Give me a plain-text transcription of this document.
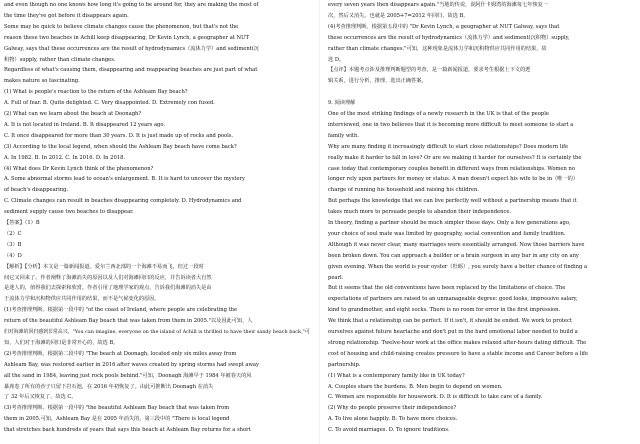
and even though no one knows how long it's going to be around for, they are making the most of
the time they've got before it disappears again.
Some may be quick to believe climate changes cause the phenomenon, but that's not the
reason these two beaches in Achill keep disappearing, Dr Kevin Lynch, a geographer at NUT
Galway, says that these occurrences are the result of hydrodynamics（流体力学）and sediment(沉
积物）supply, rather than climate changes.
Regardless of what's causing them, disappearing and reappearing beaches are just part of what
makes nature so fascinating.
(1) What is people's reaction to the return of the Ashleam Bay beach?
A. Full of fear. B. Quite delighted. C. Very disappointed. D. Extremely con fused.
(2) What can we learn about the beach at Doonagh?
A. It is not located in Ireland. B. It disappeared 12 years ago.
C. It once disappeared for more than 30 years. D. It is just made up of rocks and pools.
(3) According to the local legend, when should the Ashleam Bay beach have come back?
A. In 1982. B. In 2012. C. In 2016. D. In 2018.
(4) What does Dr Kevin Lynch think of the phenomenon?
A. Some abnormal storms lead to ocean's enlargement. B. It is hard to uncover the mystery
of beach's disappearing.
C. Climate changes can result in beaches disappearing completely. D. Hydrodynamics and
sediment supply cause two beaches to disappear.
【答案】（1）B
（2）C
（3）B
（4）D
【解析】【分析】本文是一篇新闻报道。爱尔兰西北部的一个海滩不易而飞，但过一段时
间它又回来了。作者阐释了海滩消失的原因以及人们对海滩回归的反应，并告诉读者大自然
是迷人的，值得我们去探索和欣赏。作者引用了地理学家的观点，告诉我们海滩的消失是由
于流体力学和沉积物供应共同作用的结果，而不是气候变化的原因。
(1)考查推理判断。根据第一段中的 "of the coast of Ireland, where people are celebrating the
return of the beautiful Ashleam Bay beach that was taken from them in 2005."以及因此可知，人
们对海滩的回归感到非常高兴。"You can imagine, everyone on the island of Achill is thrilled to have their sandy beach back,"可
知，人们对于海滩的回归是非常开心的，故选 B。
(2)考查推理判断。根据第二段中的 "The beach at Doonagh, located only six miles away from
Ashleam Bay, was restored earlier in 2016 after waves created by spring storms had swept away
all the sand in 1984, leaving just rock pools behind."可知，Doonagh 海滩早于 1984 年被春天的风
暴席卷了所有的沙子只留下岩石池，在 2016 年初恢复了。由此可推断出 Doonagh 在消失
了 32 年后又恢复了，故选 C。
(3)考查推理判断。根据第一段中的 "the beautiful Ashleam Bay beach that was taken from
them in 2005.可知，Ashleam Bay 是在 2005 年消失的，第三段中的 "There is local legend
that stretches back hundreds of years that says this beach at Ashleam Bay returns for a short
every seven years then disappears again."当地的传说，说阿什卡姆湾的海滩每七年恢复一
次，然后又消失。也就是 2005+7=2012 年回归，故选 B。
(4)考查推理判断。根据第五段中的 "Dr Kevin Lynch, a geographer at NUT Galway, says that
these occurrences are the result of hydrodynamics（流体力学）and sediment(沉积物）supply,
rather than climate changes."可知，这种现象是流体力学和沉积物供应共同作用的结果，故
选 D。
【点评】本题考点涉及推理判断题型的考查，是一篇新闻报道，要求考生根据上下文的逻
辑关系，进行分析，推理，选出正确答案。
9. 阅读理解
One of the most striking findings of a newly research in the UK is that of the people
interviewed, one in two believes that it is becoming more difficult to meet someone to start a
family with.
Why are many finding it increasingly difficult to start close relationships? Does modern life
really make it harder to fall in love? Or are we making it harder for ourselves? It is certainly the
case today that contemporary couples benefit in different ways from relationships. Women no
longer rely upon partners for money or status. A man doesn't expect his wife to be in（唯一的）
charge of running his household and raising his children.
But perhaps the knowledge that we can live perfectly well without a partnership means that it
takes much more to persuade people to abandon their independence.
In theory, finding a partner should be much simpler these days. Only a few generations ago,
your choice of soul mate was limited by geography, social convention and family tradition.
Although it was never clear, many marriages were essentially arranged. Now those barriers have
been broken down. You can approach a builder or a brain surgeon in any bar in any city on any
given evening. When the world is your oyster（牡蛎）, you surely have a better chance of finding a
pearl.
But it seems that the old conventions have been replaced by the limitations of choice. The
expectations of partners are raised to an unmanageable degree: good looks, impressive salary,
kind to grandmother, and eight socks. There is no room for error in the first impression.
We think that a relationship can be perfect. If it isn't, it should be ended. We work to protect
ourselves against future heartache and don't put in the hard emotional labor needed to build a
strong relationship. Twelve-hour work at the office makes relaxed after-hours dating difficult. The
cost of housing and child-raising creates pressure to have a stable income and Career before a life
partnership.
(1) What is a contemporary family like in UK today?
A. Couples share the burdens. B. Men begin to depend on women.
C. Women are responsible for housework. D. It is difficult to take care of a family.
(2) Why do people preserve their independence?
A. To live alone happily. B. To have more choices.
C. To avoid marriages. D. To ignore traditions.
